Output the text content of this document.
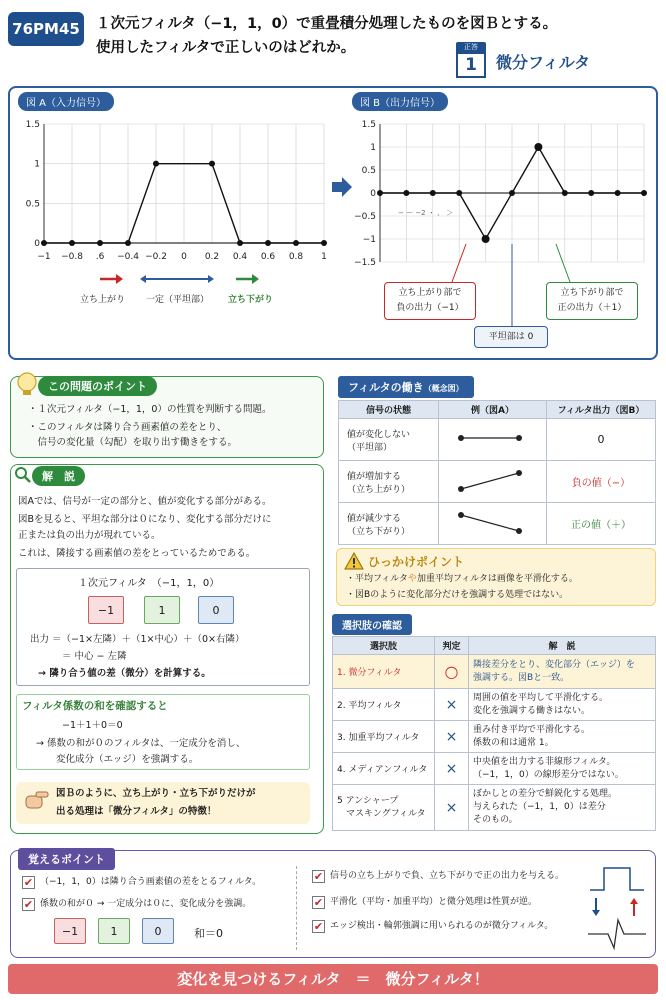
76PM45 １次元フィルタ（−1，1，0）で重畳積分処理したものを図Ｂとする。
使用したフィルタで正しいのはどれか。	正答
1	微分フィルタ
図 A（入力信号）	図 B（出力信号）
0
0.5
1
1.5
−1 −0.8 .6 −0.4 −0.2 0 0.2 0.4 0.6 0.8 1
−1.5
−1
−0.5
0
0.5
1
1.5
立ち上がり 一定（平坦部） 立ち下がり
− ー −2 ・ 、 ＞
立ち上がり部で
負の出力（−1）
平坦部は 0
立ち下がり部で
正の出力（＋1）
この問題のポイント
・１次元フィルタ（−1，1，0）の性質を判断する問題。
・このフィルタは隣り合う画素値の差をとり、
　信号の変化量（勾配）を取り出す働きをする。
解　説
図Aでは、信号が一定の部分と、値が変化する部分がある。
図Bを見ると、平坦な部分は０になり、変化する部分だけに
正または負の出力が現れている。
これは、隣接する画素値の差をとっているためである。
１次元フィルタ　（−1，1，0）
−1	1	0
出力 ＝（−1×左隣）＋（1×中心）＋（0×右隣）
＝ 中心 − 左隣
→ 隣り合う値の差（微分）を計算する。
フィルタ係数の和を確認すると
−1＋1＋0＝0
→ 係数の和が０のフィルタは、一定成分を消し、
変化成分（エッジ）を強調する。
図Ｂのように、立ち上がり・立ち下がりだけが
出る処理は「微分フィルタ」の特徴！
フィルタの働き（概念図）
信号の状態	例（図A）	フィルタ出力（図B）
値が変化しない
（平坦部）		0
値が増加する
（立ち上がり）		負の値（−）
値が減少する
（立ち下がり）		正の値（＋）
ひっかけポイント
・平均フィルタや加重平均フィルタは画像を平滑化する。
・図Bのように変化部分だけを強調する処理ではない。
選択肢の確認
選択肢	判定	解　説
1. 微分フィルタ	○	隣接差分をとり、変化部分（エッジ）を
強調する。図Bと一致。
2. 平均フィルタ	×	周囲の値を平均して平滑化する。
変化を強調する働きはない。
3. 加重平均フィルタ	×	重み付き平均で平滑化する。
係数の和は通常 1。
4. メディアンフィルタ	×	中央値を出力する非線形フィルタ。
（−1，1，0）の線形差分ではない。
5 アンシャープ
　マスキングフィルタ	×	ぼかしとの差分で鮮鋭化する処理。
与えられた（−1，1，0）は差分
そのもの。
覚えるポイント
✔ （−1，1，0）は隣り合う画素値の差をとるフィルタ。
✔ 係数の和が０ → 一定成分は０に、変化成分を強調。
−1	1	0	和＝0
✔ 信号の立ち上がりで負、立ち下がりで正の出力を与える。
✔ 平滑化（平均・加重平均）と微分処理は性質が逆。
✔ エッジ検出・輪郭強調に用いられるのが微分フィルタ。
変化を見つけるフィルタ　＝　微分フィルタ！
